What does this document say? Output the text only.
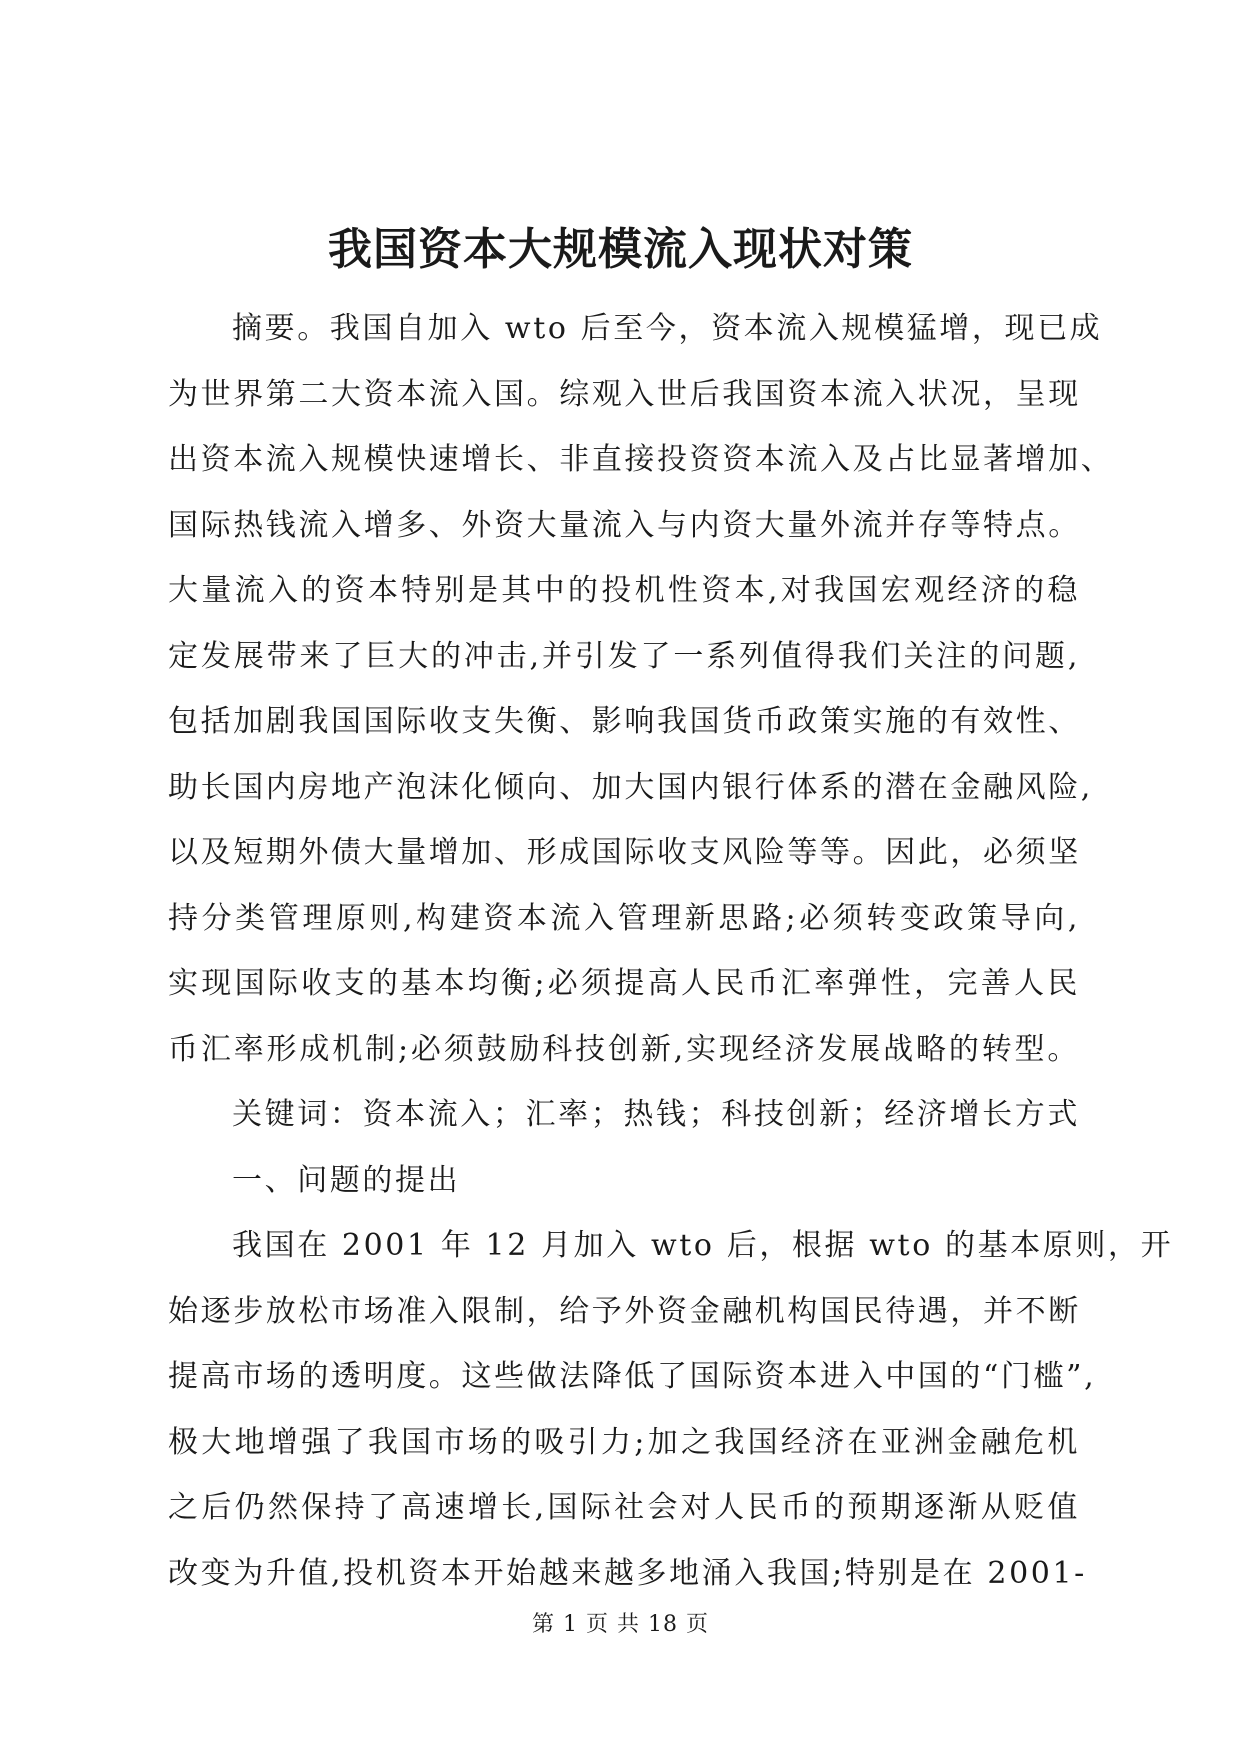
我国资本大规模流入现状对策
摘要。我国自加入 wto 后至今，资本流入规模猛增，现已成
为世界第二大资本流入国。综观入世后我国资本流入状况，呈现
出资本流入规模快速增长、非直接投资资本流入及占比显著增加、
国际热钱流入增多、外资大量流入与内资大量外流并存等特点。
大量流入的资本特别是其中的投机性资本,对我国宏观经济的稳
定发展带来了巨大的冲击,并引发了一系列值得我们关注的问题,
包括加剧我国国际收支失衡、影响我国货币政策实施的有效性、
助长国内房地产泡沫化倾向、加大国内银行体系的潜在金融风险,
以及短期外债大量增加、形成国际收支风险等等。因此，必须坚
持分类管理原则,构建资本流入管理新思路;必须转变政策导向,
实现国际收支的基本均衡;必须提高人民币汇率弹性，完善人民
币汇率形成机制;必须鼓励科技创新,实现经济发展战略的转型。
关键词：资本流入；汇率；热钱；科技创新；经济增长方式
一、问题的提出
我国在 2001 年 12 月加入 wto 后，根据 wto 的基本原则，开
始逐步放松市场准入限制，给予外资金融机构国民待遇，并不断
提高市场的透明度。这些做法降低了国际资本进入中国的“门槛”,
极大地增强了我国市场的吸引力;加之我国经济在亚洲金融危机
之后仍然保持了高速增长,国际社会对人民币的预期逐渐从贬值
改变为升值,投机资本开始越来越多地涌入我国;特别是在 2001-
第 1 页 共 18 页
